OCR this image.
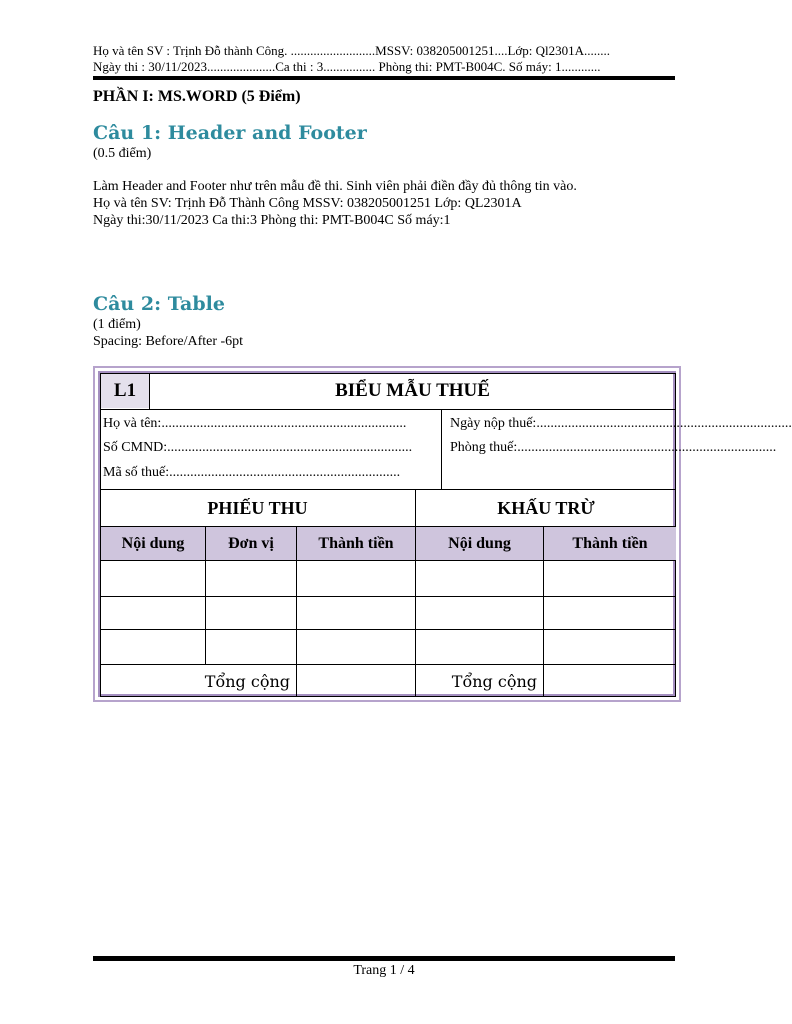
Họ và tên SV : Trịnh Đỗ thành Công. ..........................MSSV: 038205001251....Lớp: Ql2301A........
Ngày thi : 30/11/2023.....................Ca thi : 3................ Phòng thi: PMT-B004C. Số máy: 1............
PHẦN I: MS.WORD (5 Điểm)
Câu 1: Header and Footer
(0.5 điểm)
Làm Header and Footer như trên mẫu đề thi. Sinh viên phải điền đầy đủ thông tin vào.
Họ và tên SV: Trịnh Đỗ Thành Công MSSV: 038205001251 Lớp: QL2301A
Ngày thi:30/11/2023 Ca thi:3 Phòng thi: PMT-B004C Số máy:1
Câu 2: Table
(1 điểm)
Spacing: Before/After -6pt
L1	BIỂU MẪU THUẾ
Họ và tên:......................................................................
Số CMND:......................................................................
Mã số thuế:..................................................................
Ngày nộp thuế:.........................................................................
Phòng thuế:..........................................................................
PHIẾU THU	KHẤU TRỪ
Nội dung	Đơn vị	Thành tiền	Nội dung	Thành tiền
Tổng cộng	Tổng cộng
Trang 1 / 4
